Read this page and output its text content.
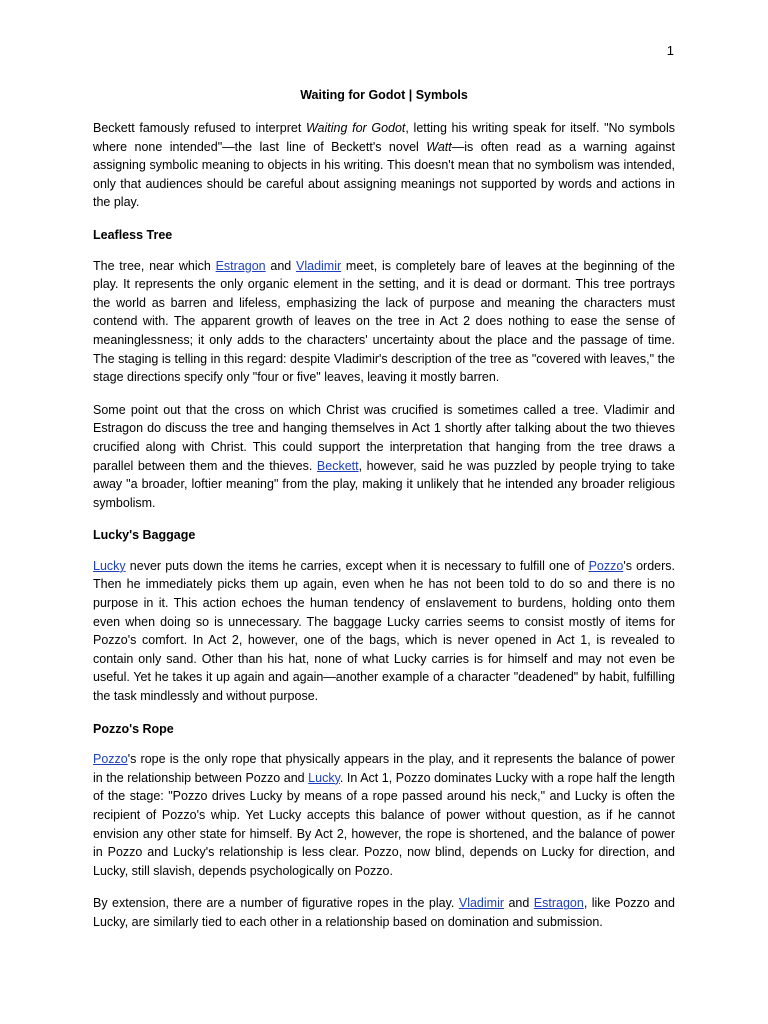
1
Waiting for Godot | Symbols

Beckett famously refused to interpret Waiting for Godot, letting his writing speak for itself. "No symbols where none intended"—the last line of Beckett's novel Watt—is often read as a warning against assigning symbolic meaning to objects in his writing. This doesn't mean that no symbolism was intended, only that audiences should be careful about assigning meanings not supported by words and actions in the play.

Leafless Tree

The tree, near which Estragon and Vladimir meet, is completely bare of leaves at the beginning of the play. It represents the only organic element in the setting, and it is dead or dormant. This tree portrays the world as barren and lifeless, emphasizing the lack of purpose and meaning the characters must contend with. The apparent growth of leaves on the tree in Act 2 does nothing to ease the sense of meaninglessness; it only adds to the characters' uncertainty about the place and the passage of time. The staging is telling in this regard: despite Vladimir's description of the tree as "covered with leaves," the stage directions specify only "four or five" leaves, leaving it mostly barren.

Some point out that the cross on which Christ was crucified is sometimes called a tree. Vladimir and Estragon do discuss the tree and hanging themselves in Act 1 shortly after talking about the two thieves crucified along with Christ. This could support the interpretation that hanging from the tree draws a parallel between them and the thieves. Beckett, however, said he was puzzled by people trying to take away "a broader, loftier meaning" from the play, making it unlikely that he intended any broader religious symbolism.

Lucky's Baggage

Lucky never puts down the items he carries, except when it is necessary to fulfill one of Pozzo's orders. Then he immediately picks them up again, even when he has not been told to do so and there is no purpose in it. This action echoes the human tendency of enslavement to burdens, holding onto them even when doing so is unnecessary. The baggage Lucky carries seems to consist mostly of items for Pozzo's comfort. In Act 2, however, one of the bags, which is never opened in Act 1, is revealed to contain only sand. Other than his hat, none of what Lucky carries is for himself and may not even be useful. Yet he takes it up again and again—another example of a character "deadened" by habit, fulfilling the task mindlessly and without purpose.

Pozzo's Rope

Pozzo's rope is the only rope that physically appears in the play, and it represents the balance of power in the relationship between Pozzo and Lucky. In Act 1, Pozzo dominates Lucky with a rope half the length of the stage: "Pozzo drives Lucky by means of a rope passed around his neck," and Lucky is often the recipient of Pozzo's whip. Yet Lucky accepts this balance of power without question, as if he cannot envision any other state for himself. By Act 2, however, the rope is shortened, and the balance of power in Pozzo and Lucky's relationship is less clear. Pozzo, now blind, depends on Lucky for direction, and Lucky, still slavish, depends psychologically on Pozzo.

By extension, there are a number of figurative ropes in the play. Vladimir and Estragon, like Pozzo and Lucky, are similarly tied to each other in a relationship based on domination and submission.
